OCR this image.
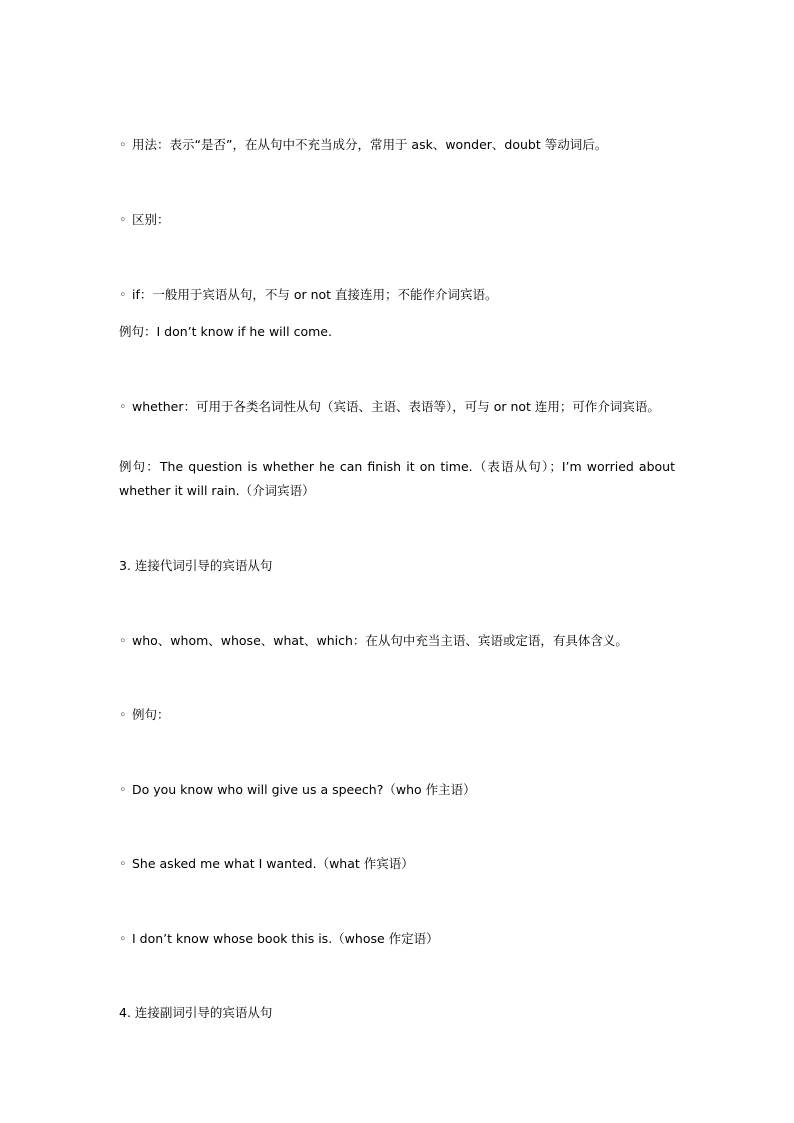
◦ 用法：表示“是否”，在从句中不充当成分，常用于 ask、wonder、doubt 等动词后。
◦ 区别：
◦ if：一般用于宾语从句，不与 or not 直接连用；不能作介词宾语。
例句：I don’t know if he will come.
◦ whether：可用于各类名词性从句（宾语、主语、表语等），可与 or not 连用；可作介词宾语。
例句：The question is whether he can finish it on time.（表语从句）；I’m worried about whether it will rain.（介词宾语）
3. 连接代词引导的宾语从句
◦ who、whom、whose、what、which：在从句中充当主语、宾语或定语，有具体含义。
◦ 例句：
◦ Do you know who will give us a speech?（who 作主语）
◦ She asked me what I wanted.（what 作宾语）
◦ I don’t know whose book this is.（whose 作定语）
4. 连接副词引导的宾语从句
